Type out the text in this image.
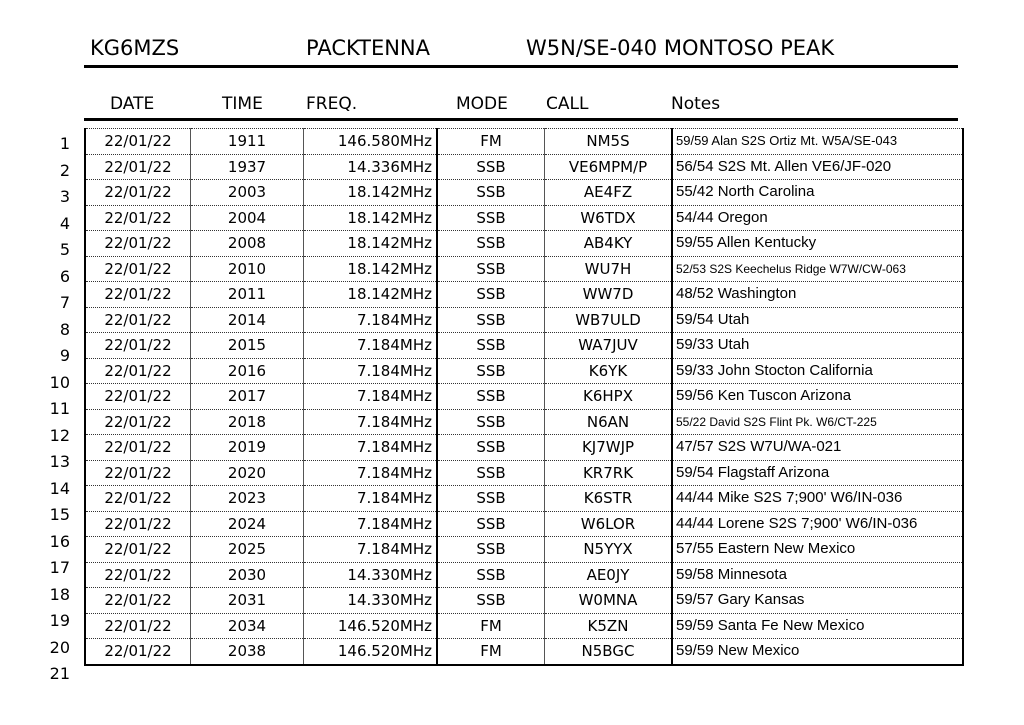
KG6MZS	PACKTENNA	W5N/SE-040 MONTOSO PEAK
DATE	TIME	FREQ.	MODE CALL	Notes
1
2
3
4
5
6
7
8
9
10
11
12
13
14
15
16
17
18
19
20
21
22/01/22	1911	146.580MHz	FM	NM5S	59/59 Alan S2S Ortiz Mt. W5A/SE-043
22/01/22	1937	14.336MHz	SSB	VE6MPM/P	56/54 S2S Mt. Allen VE6/JF-020
22/01/22	2003	18.142MHz	SSB	AE4FZ	55/42 North Carolina
22/01/22	2004	18.142MHz	SSB	W6TDX	54/44 Oregon
22/01/22	2008	18.142MHz	SSB	AB4KY	59/55 Allen Kentucky
22/01/22	2010	18.142MHz	SSB	WU7H	52/53 S2S Keechelus Ridge W7W/CW-063
22/01/22	2011	18.142MHz	SSB	WW7D	48/52 Washington
22/01/22	2014	7.184MHz	SSB	WB7ULD	59/54 Utah
22/01/22	2015	7.184MHz	SSB	WA7JUV	59/33 Utah
22/01/22	2016	7.184MHz	SSB	K6YK	59/33 John Stocton California
22/01/22	2017	7.184MHz	SSB	K6HPX	59/56 Ken Tuscon Arizona
22/01/22	2018	7.184MHz	SSB	N6AN	55/22 David S2S Flint Pk. W6/CT-225
22/01/22	2019	7.184MHz	SSB	KJ7WJP	47/57 S2S W7U/WA-021
22/01/22	2020	7.184MHz	SSB	KR7RK	59/54 Flagstaff Arizona
22/01/22	2023	7.184MHz	SSB	K6STR	44/44 Mike S2S 7;900' W6/IN-036
22/01/22	2024	7.184MHz	SSB	W6LOR	44/44 Lorene S2S 7;900' W6/IN-036
22/01/22	2025	7.184MHz	SSB	N5YYX	57/55 Eastern New Mexico
22/01/22	2030	14.330MHz	SSB	AE0JY	59/58 Minnesota
22/01/22	2031	14.330MHz	SSB	W0MNA	59/57 Gary Kansas
22/01/22	2034	146.520MHz	FM	K5ZN	59/59 Santa Fe New Mexico
22/01/22	2038	146.520MHz	FM	N5BGC	59/59 New Mexico
